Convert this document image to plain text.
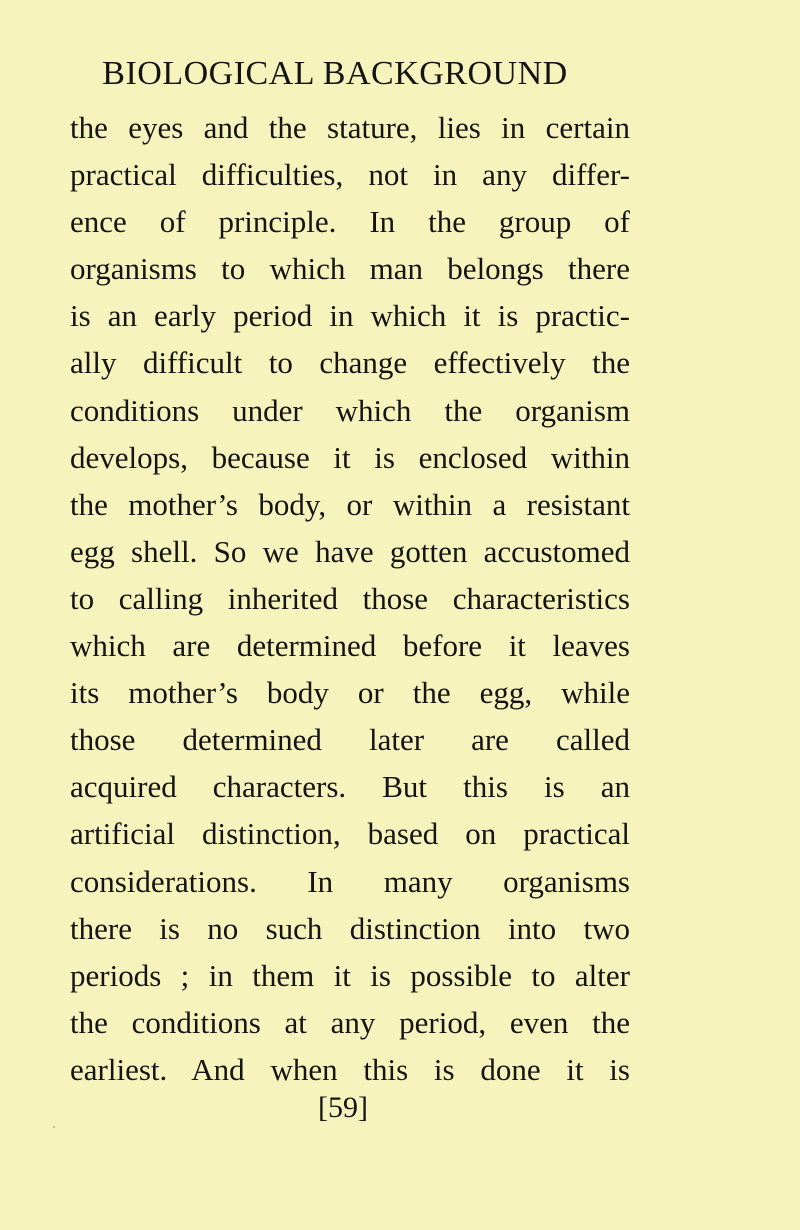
BIOLOGICAL BACKGROUND
the eyes and the stature, lies in certain
practical difficulties, not in any differ-
ence of principle. In the group of
organisms to which man belongs there
is an early period in which it is practic-
ally difficult to change effectively the
conditions under which the organism
develops, because it is enclosed within
the mother’s body, or within a resistant
egg shell. So we have gotten accustomed
to calling inherited those characteristics
which are determined before it leaves
its mother’s body or the egg, while
those determined later are called
acquired characters. But this is an
artificial distinction, based on practical
considerations. In many organisms
there is no such distinction into two
periods ; in them it is possible to alter
the conditions at any period, even the
earliest. And when this is done it is
[59]
